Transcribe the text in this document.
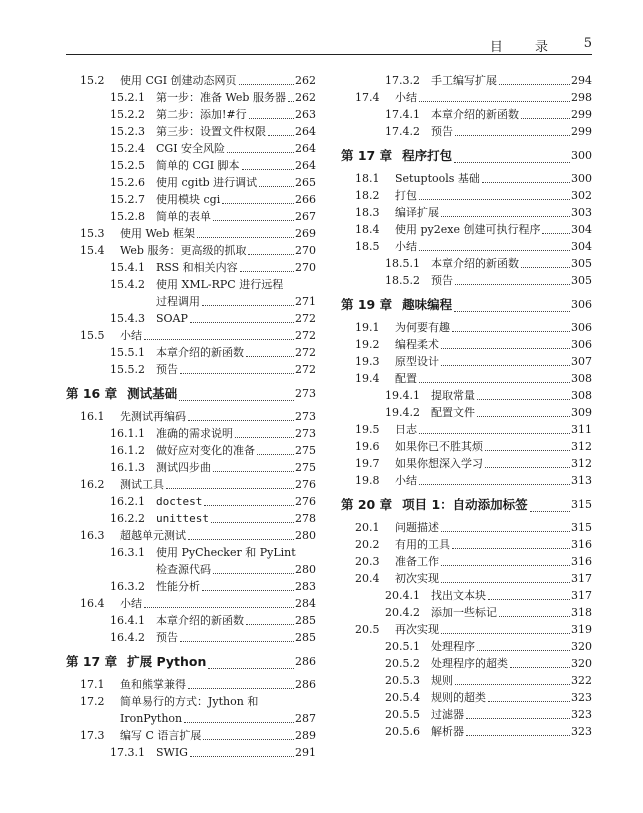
目 录 5
15.2	使用 CGI 创建动态网页	262
15.2.1	第一步：准备 Web 服务器 262
15.2.2	第二步：添加!#行	263
15.2.3	第三步：设置文件权限	264
15.2.4	CGI 安全风险	264
15.2.5	简单的 CGI 脚本	264
15.2.6	使用 cgitb 进行调试	265
15.2.7	使用模块 cgi	266
15.2.8	简单的表单	267
15.3	使用 Web 框架	269
15.4	Web 服务：更高级的抓取	270
15.4.1	RSS 和相关内容	270
15.4.2	使用 XML-RPC 进行远程
过程调用	271
15.4.3	SOAP	272
15.5	小结	272
15.5.1	本章介绍的新函数	272
15.5.2	预告	272
第 16 章 测试基础	273
16.1	先测试再编码	273
16.1.1	准确的需求说明	273
16.1.2	做好应对变化的准备	275
16.1.3	测试四步曲	275
16.2	测试工具	276
16.2.1	doctest	276
16.2.2	unittest	278
16.3	超越单元测试	280
16.3.1	使用 PyChecker 和 PyLint
检查源代码	280
16.3.2	性能分析	283
16.4	小结	284
16.4.1	本章介绍的新函数	285
16.4.2	预告	285
第 17 章 扩展 Python	286
17.1	鱼和熊掌兼得	286
17.2	简单易行的方式：Jython 和
IronPython	287
17.3	编写 C 语言扩展	289
17.3.1	SWIG	291
17.3.2	手工编写扩展	294
17.4	小结	298
17.4.1	本章介绍的新函数	299
17.4.2	预告	299
第 17 章 程序打包	300
18.1	Setuptools 基础	300
18.2	打包	302
18.3	编译扩展	303
18.4	使用 py2exe 创建可执行程序	304
18.5	小结	304
18.5.1	本章介绍的新函数	305
18.5.2	预告	305
第 19 章 趣味编程	306
19.1	为何要有趣	306
19.2	编程柔术	306
19.3	原型设计	307
19.4	配置	308
19.4.1	提取常量	308
19.4.2	配置文件	309
19.5	日志	311
19.6	如果你已不胜其烦	312
19.7	如果你想深入学习	312
19.8	小结	313
第 20 章 项目 1：自动添加标签	315
20.1	问题描述	315
20.2	有用的工具	316
20.3	准备工作	316
20.4	初次实现	317
20.4.1	找出文本块	317
20.4.2	添加一些标记	318
20.5	再次实现	319
20.5.1	处理程序	320
20.5.2	处理程序的超类	320
20.5.3	规则	322
20.5.4	规则的超类	323
20.5.5	过滤器	323
20.5.6	解析器	323
